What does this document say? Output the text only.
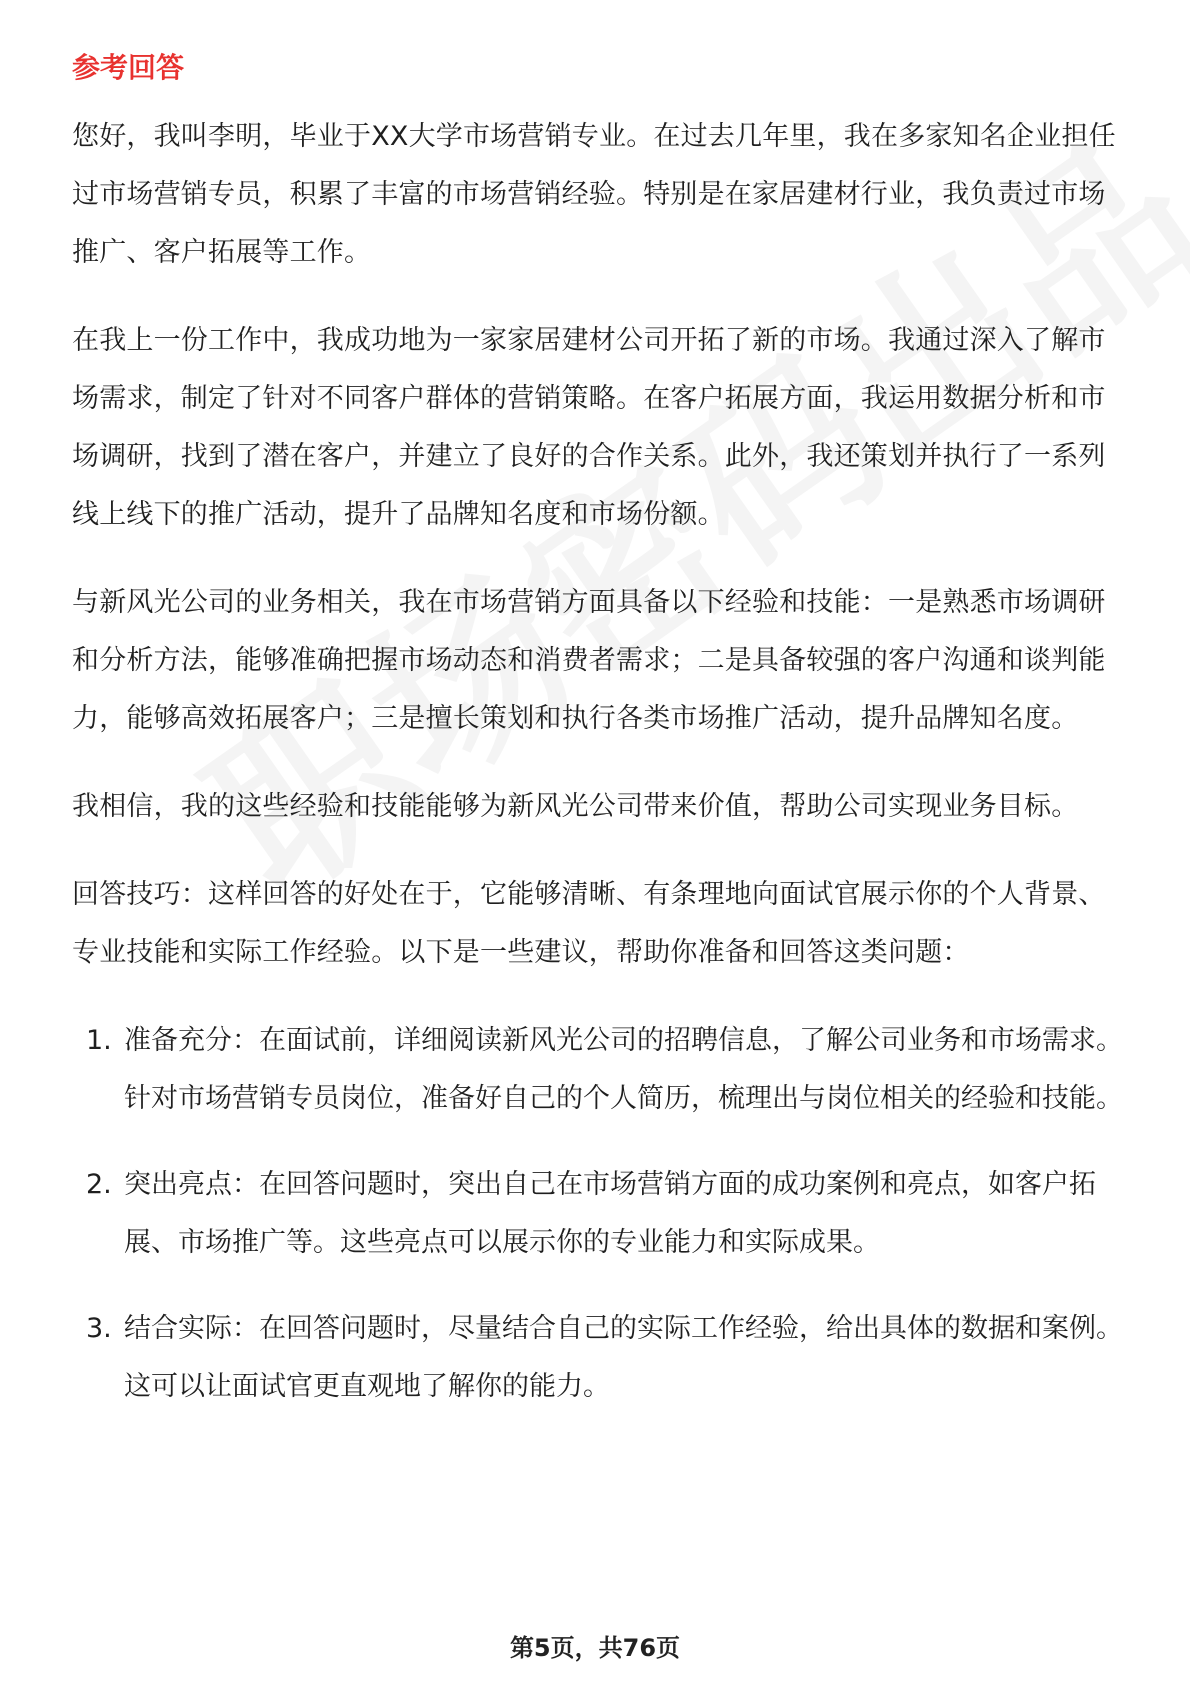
参考回答

您好，我叫李明，毕业于XX大学市场营销专业。在过去几年里，我在多家知名企业担任过市场营销专员，积累了丰富的市场营销经验。特别是在家居建材行业，我负责过市场推广、客户拓展等工作。

在我上一份工作中，我成功地为一家家居建材公司开拓了新的市场。我通过深入了解市场需求，制定了针对不同客户群体的营销策略。在客户拓展方面，我运用数据分析和市场调研，找到了潜在客户，并建立了良好的合作关系。此外，我还策划并执行了一系列线上线下的推广活动，提升了品牌知名度和市场份额。

与新风光公司的业务相关，我在市场营销方面具备以下经验和技能：一是熟悉市场调研和分析方法，能够准确把握市场动态和消费者需求；二是具备较强的客户沟通和谈判能力，能够高效拓展客户；三是擅长策划和执行各类市场推广活动，提升品牌知名度。

我相信，我的这些经验和技能能够为新风光公司带来价值，帮助公司实现业务目标。

回答技巧：这样回答的好处在于，它能够清晰、有条理地向面试官展示你的个人背景、专业技能和实际工作经验。以下是一些建议，帮助你准备和回答这类问题：

1. 准备充分：在面试前，详细阅读新风光公司的招聘信息，了解公司业务和市场需求。针对市场营销专员岗位，准备好自己的个人简历，梳理出与岗位相关的经验和技能。
2. 突出亮点：在回答问题时，突出自己在市场营销方面的成功案例和亮点，如客户拓展、市场推广等。这些亮点可以展示你的专业能力和实际成果。
3. 结合实际：在回答问题时，尽量结合自己的实际工作经验，给出具体的数据和案例。这可以让面试官更直观地了解你的能力。
第5页，共76页
